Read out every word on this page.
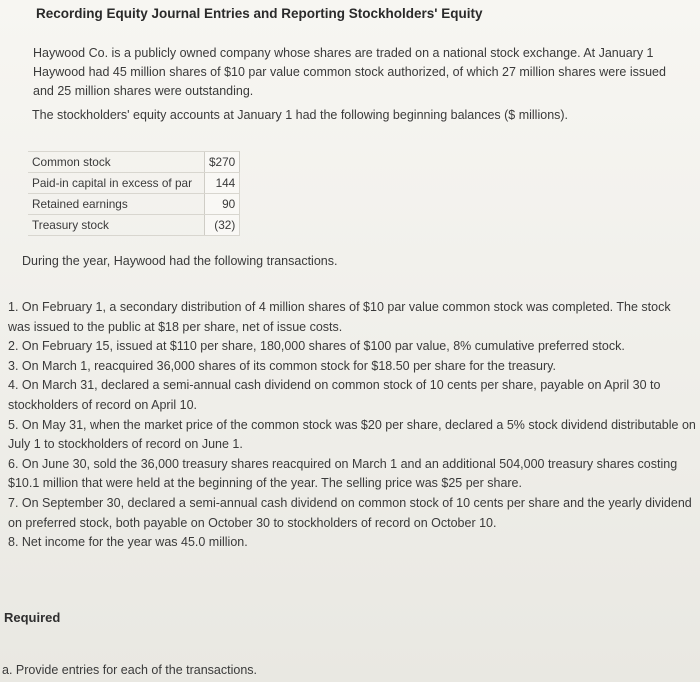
Recording Equity Journal Entries and Reporting Stockholders' Equity
Haywood Co. is a publicly owned company whose shares are traded on a national stock exchange. At January 1 Haywood had 45 million shares of $10 par value common stock authorized, of which 27 million shares were issued and 25 million shares were outstanding.
The stockholders' equity accounts at January 1 had the following beginning balances ($ millions).
Common stock	$270
Paid-in capital in excess of par	144
Retained earnings	90
Treasury stock	(32)
During the year, Haywood had the following transactions.

1. On February 1, a secondary distribution of 4 million shares of $10 par value common stock was completed. The stock was issued to the public at $18 per share, net of issue costs.

2. On February 15, issued at $110 per share, 180,000 shares of $100 par value, 8% cumulative preferred stock.

3. On March 1, reacquired 36,000 shares of its common stock for $18.50 per share for the treasury.

4. On March 31, declared a semi-annual cash dividend on common stock of 10 cents per share, payable on April 30 to stockholders of record on April 10.

5. On May 31, when the market price of the common stock was $20 per share, declared a 5% stock dividend distributable on July 1 to stockholders of record on June 1.

6. On June 30, sold the 36,000 treasury shares reacquired on March 1 and an additional 504,000 treasury shares costing $10.1 million that were held at the beginning of the year. The selling price was $25 per share.

7. On September 30, declared a semi-annual cash dividend on common stock of 10 cents per share and the yearly dividend on preferred stock, both payable on October 30 to stockholders of record on October 10.

8. Net income for the year was 45.0 million.

Required
a. Provide entries for each of the transactions.
